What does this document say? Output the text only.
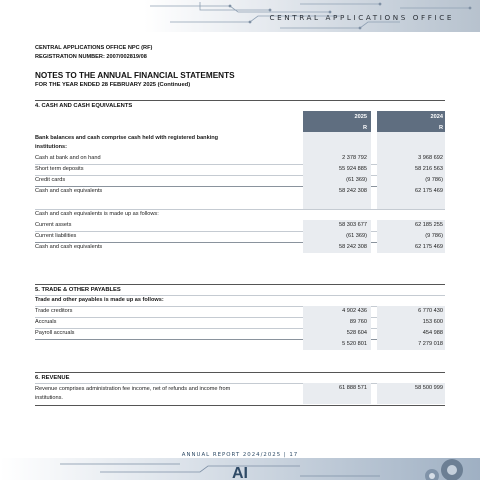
CENTRAL APPLICATIONS OFFICE
CENTRAL APPLICATIONS OFFICE NPC (RF)
REGISTRATION NUMBER: 2007/002819/08
NOTES TO THE ANNUAL FINANCIAL STATEMENTS
FOR THE YEAR ENDED 28 FEBRUARY 2025 (Continued)
4. CASH AND CASH EQUIVALENTS
2025	2024
R	R
Bank balances and cash comprise cash held with registered banking institutions:
Cash at bank and on hand	2 378 792	3 968 692
Short term deposits	55 924 885	58 216 563
Credit cards	(61 369)	(9 786)
Cash and cash equivalents	58 242 308	62 175 469
Cash and cash equivalents is made up as follows:
Current assets	58 303 677	62 185 255
Current liabilities	(61 369)	(9 786)
Cash and cash equivalents	58 242 308	62 175 469
5. TRADE & OTHER PAYABLES
Trade and other payables is made up as follows:
Trade creditors	4 902 436	6 770 430
Accruals	89 760	153 600
Payroll accruals	528 604	454 988
5 520 801	7 279 018
6. REVENUE
Revenue comprises administration fee income, net of refunds and income from institutions.
61 888 571	58 500 999
ANNUAL REPORT 2024/2025 | 17
AI
